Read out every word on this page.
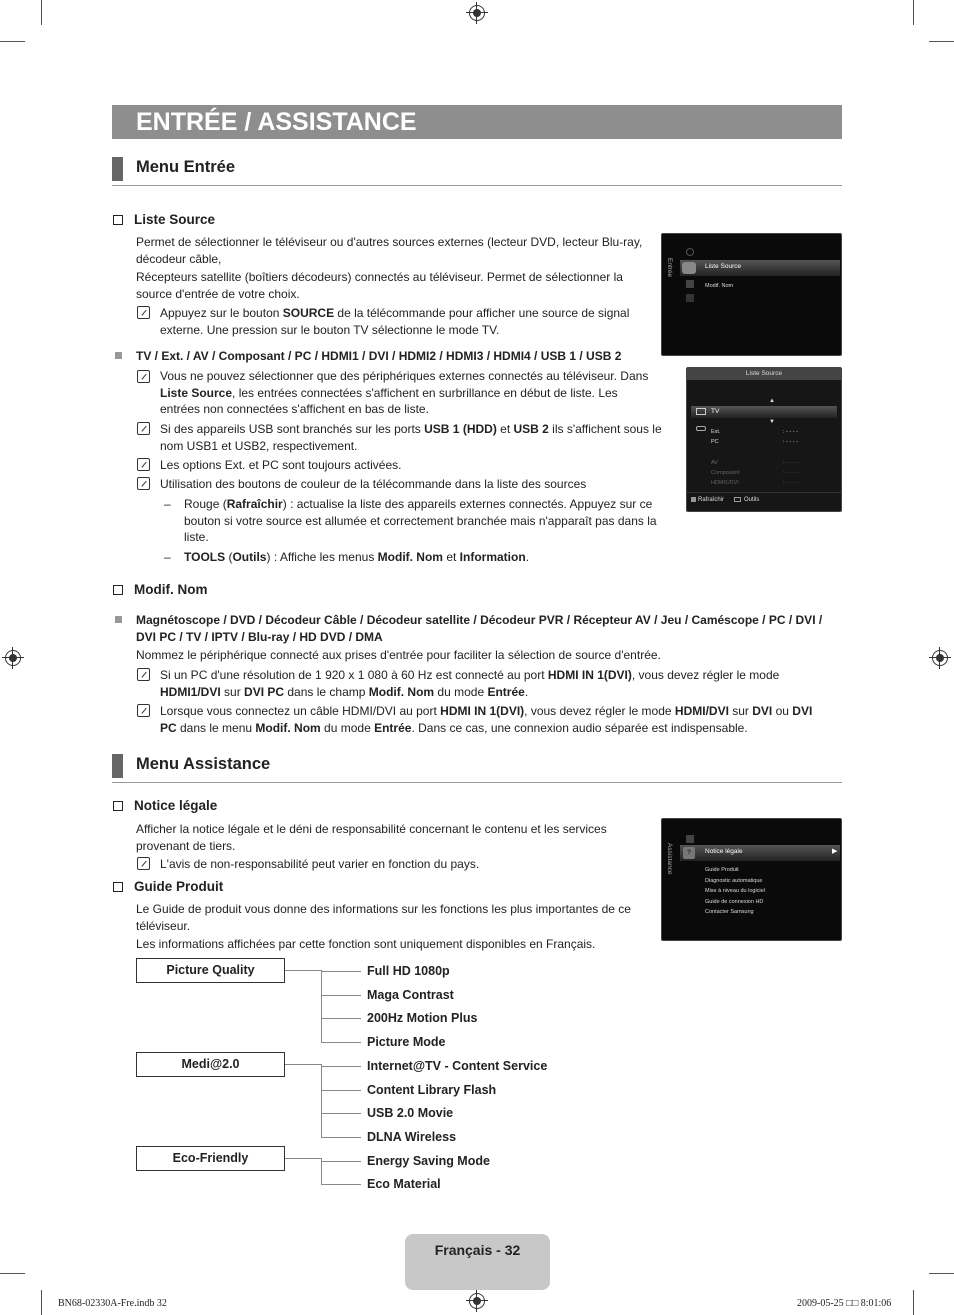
ENTRÉE / ASSISTANCE
Menu Entrée
Liste Source
Permet de sélectionner le téléviseur ou d'autres sources externes (lecteur DVD, lecteur Blu-ray, décodeur câble,
Récepteurs satellite (boîtiers décodeurs) connectés au téléviseur. Permet de sélectionner la source d'entrée de votre choix.
Appuyez sur le bouton SOURCE de la télécommande pour afficher une source de signal externe. Une pression sur le bouton TV sélectionne le mode TV.
TV / Ext. / AV / Composant / PC / HDMI1 / DVI / HDMI2 / HDMI3 / HDMI4 / USB 1 / USB 2
Vous ne pouvez sélectionner que des périphériques externes connectés au téléviseur. Dans Liste Source, les entrées connectées s'affichent en surbrillance en début de liste. Les entrées non connectées s'affichent en bas de liste.
Si des appareils USB sont branchés sur les ports USB 1 (HDD) et USB 2 ils s'affichent sous le nom USB1 et USB2, respectivement.
Les options Ext. et PC sont toujours activées.
Utilisation des boutons de couleur de la télécommande dans la liste des sources
– Rouge (Rafraîchir) : actualise la liste des appareils externes connectés. Appuyez sur ce bouton si votre source est allumée et correctement branchée mais n'apparaît pas dans la liste.
– TOOLS (Outils) : Affiche les menus Modif. Nom et Information.
Modif. Nom
Magnétoscope / DVD / Décodeur Câble / Décodeur satellite / Décodeur PVR / Récepteur AV / Jeu / Caméscope / PC / DVI / DVI PC / TV / IPTV / Blu-ray / HD DVD / DMA
Nommez le périphérique connecté aux prises d'entrée pour faciliter la sélection de source d'entrée.
Si un PC d'une résolution de 1 920 x 1 080 à 60 Hz est connecté au port HDMI IN 1(DVI), vous devez régler le mode HDMI1/DVI sur DVI PC dans le champ Modif. Nom du mode Entrée.
Lorsque vous connectez un câble HDMI/DVI au port HDMI IN 1(DVI), vous devez régler le mode HDMI/DVI sur DVI ou DVI PC dans le menu Modif. Nom du mode Entrée. Dans ce cas, une connexion audio séparée est indispensable.
Menu Assistance
Notice légale
Afficher la notice légale et le déni de responsabilité concernant le contenu et les services provenant de tiers.
L'avis de non-responsabilité peut varier en fonction du pays.
Guide Produit
Le Guide de produit vous donne des informations sur les fonctions les plus importantes de ce téléviseur.
Les informations affichées par cette fonction sont uniquement disponibles en Français.
Entrée	Liste Source
Modif. Nom
Liste Source
▲
TV
▼
Ext.	: - - - -
PC	: - - - -
AV	: - - - -
Composant	: - - - -
HDMI1/DVI	: - - - -
Rafraîchir	Outils
Assistance	?	Notice légale	▶
Guide Produit
Diagnostic automatique
Mise à niveau du logiciel
Guide de connexion HD
Contacter Samsung
Picture Quality	Full HD 1080p
Maga Contrast
200Hz Motion Plus
Picture Mode
Medi@2.0	Internet@TV - Content Service
Content Library Flash
USB 2.0 Movie
DLNA Wireless
Eco-Friendly	Energy Saving Mode
Eco Material
Français - 32
BN68-02330A-Fre.indb 32	2009-05-25 □□ 8:01:06
